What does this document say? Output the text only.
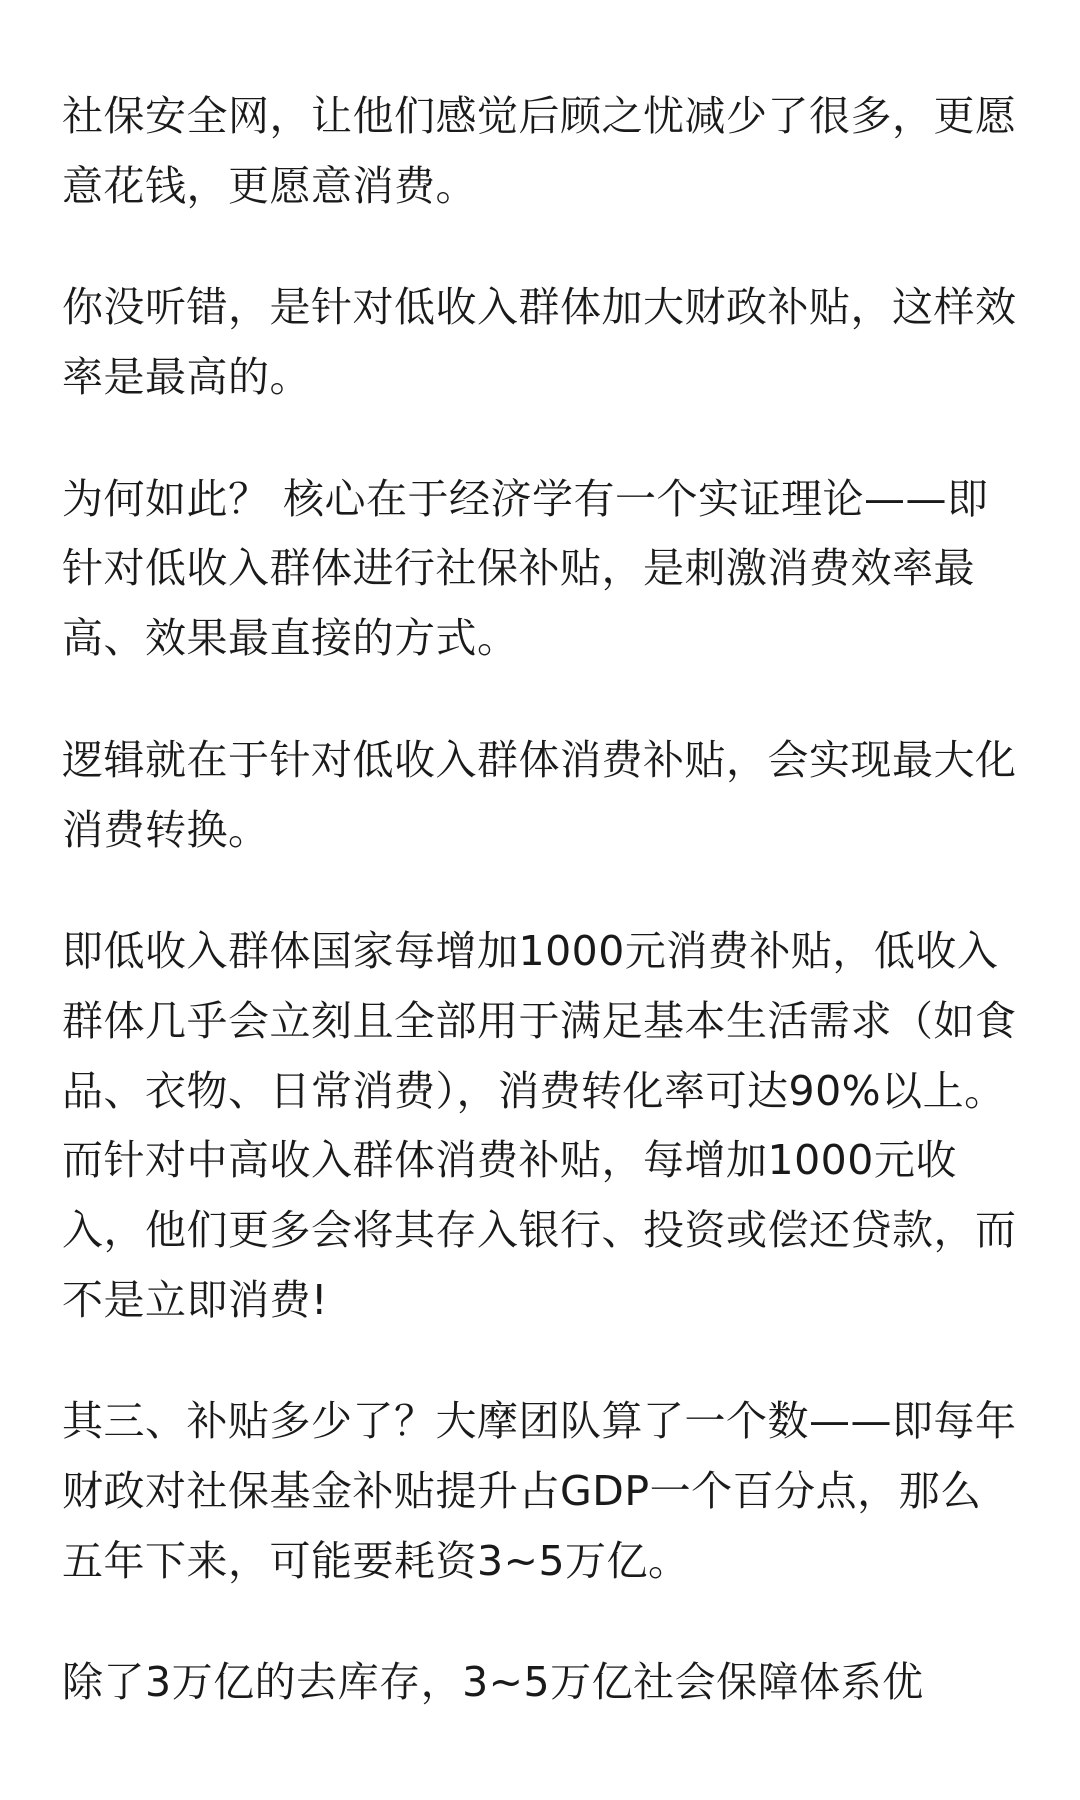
社保安全网，让他们感觉后顾之忧减少了很多，更愿意花钱，更愿意消费。

你没听错，是针对低收入群体加大财政补贴，这样效率是最高的。

为何如此？ 核心在于经济学有一个实证理论——即针对低收入群体进行社保补贴，是刺激消费效率最高、效果最直接的方式。

逻辑就在于针对低收入群体消费补贴，会实现最大化消费转换。

即低收入群体国家每增加1000元消费补贴，低收入群体几乎会立刻且全部用于满足基本生活需求（如食品、衣物、日常消费），消费转化率可达90%以上。而针对中高收入群体消费补贴，每增加1000元收入，他们更多会将其存入银行、投资或偿还贷款，而不是立即消费!

其三、补贴多少了？大摩团队算了一个数——即每年财政对社保基金补贴提升占GDP一个百分点，那么五年下来，可能要耗资3~5万亿。

除了3万亿的去库存，3~5万亿社会保障体系优
